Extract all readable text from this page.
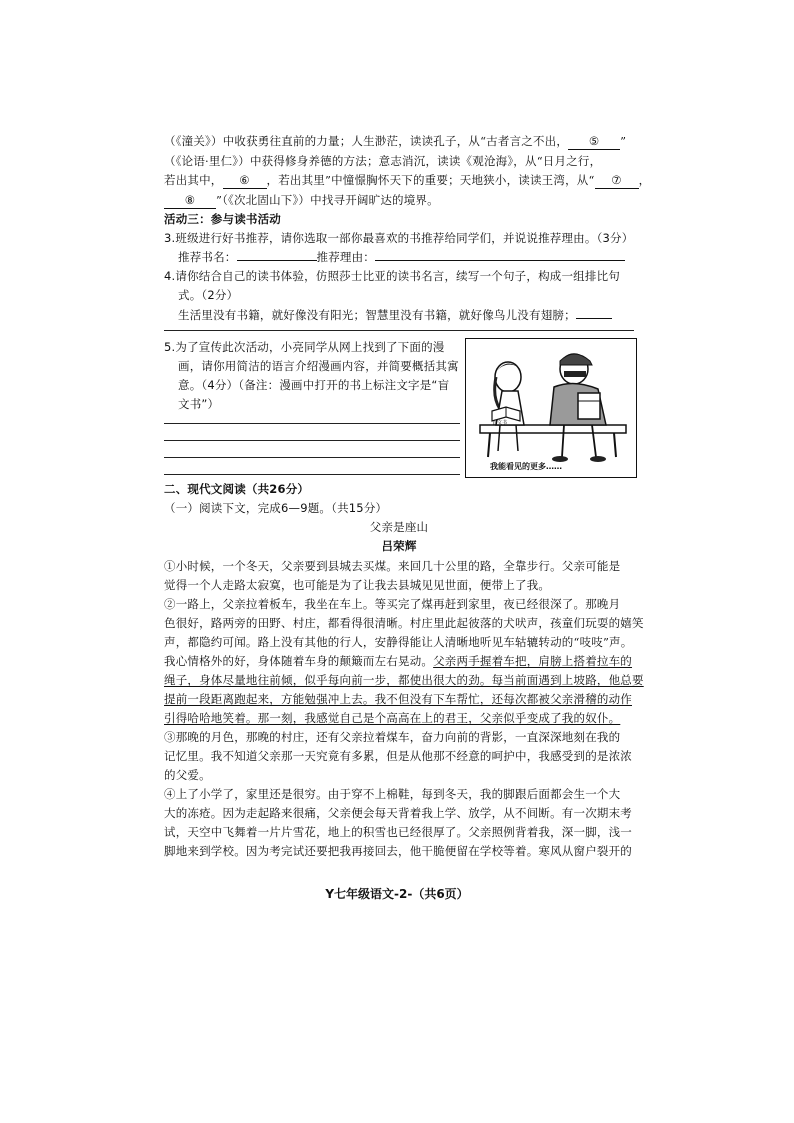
（《潼关》）中收获勇往直前的力量；人生渺茫，读读孔子，从“古者言之不出， ⑤ ”
（《论语·里仁》）中获得修身养德的方法；意志消沉，读读《观沧海》，从“日月之行，
若出其中， ⑥ ，若出其里”中憧憬胸怀天下的重要；天地狭小，读读王湾，从“ ⑦ ，
⑧ ”（《次北固山下》）中找寻开阔旷达的境界。
活动三：参与读书活动
3.班级进行好书推荐，请你选取一部你最喜欢的书推荐给同学们，并说说推荐理由。（3分）
推荐书名：	推荐理由：
4.请你结合自己的读书体验，仿照莎士比亚的读书名言，续写一个句子，构成一组排比句
式。（2分）
生活里没有书籍，就好像没有阳光；智慧里没有书籍，就好像鸟儿没有翅膀；
5.为了宣传此次活动，小亮同学从网上找到了下面的漫
画，请你用简洁的语言介绍漫画内容，并简要概括其寓
意。（4分）（备注：漫画中打开的书上标注文字是“盲
文书”）
盲文书
我能看见的更多……
二、现代文阅读（共26分）
（一）阅读下文，完成6—9题。（共15分）
父亲是座山
吕荣辉
①小时候，一个冬天，父亲要到县城去买煤。来回几十公里的路，全靠步行。父亲可能是
觉得一个人走路太寂寞，也可能是为了让我去县城见见世面，便带上了我。
②一路上，父亲拉着板车，我坐在车上。等买完了煤再赶到家里，夜已经很深了。那晚月
色很好，路两旁的田野、村庄，都看得很清晰。村庄里此起彼落的犬吠声，孩童们玩耍的嬉笑
声，都隐约可闻。路上没有其他的行人，安静得能让人清晰地听见车轱辘转动的“吱吱”声。
我心情格外的好，身体随着车身的颠簸而左右晃动。父亲两手握着车把，肩膀上搭着拉车的
绳子，身体尽量地往前倾，似乎每向前一步，都使出很大的劲。每当前面遇到上坡路，他总要
提前一段距离跑起来，方能勉强冲上去。我不但没有下车帮忙，还每次都被父亲滑稽的动作
引得哈哈地笑着。那一刻，我感觉自己是个高高在上的君王，父亲似乎变成了我的奴仆。
③那晚的月色，那晚的村庄，还有父亲拉着煤车，奋力向前的背影，一直深深地刻在我的
记忆里。我不知道父亲那一天究竟有多累，但是从他那不经意的呵护中，我感受到的是浓浓
的父爱。
④上了小学了，家里还是很穷。由于穿不上棉鞋，每到冬天，我的脚跟后面都会生一个大
大的冻疮。因为走起路来很痛，父亲便会每天背着我上学、放学，从不间断。有一次期末考
试，天空中飞舞着一片片雪花，地上的积雪也已经很厚了。父亲照例背着我，深一脚，浅一
脚地来到学校。因为考完试还要把我再接回去，他干脆便留在学校等着。寒风从窗户裂开的
Y七年级语文-2-（共6页）
